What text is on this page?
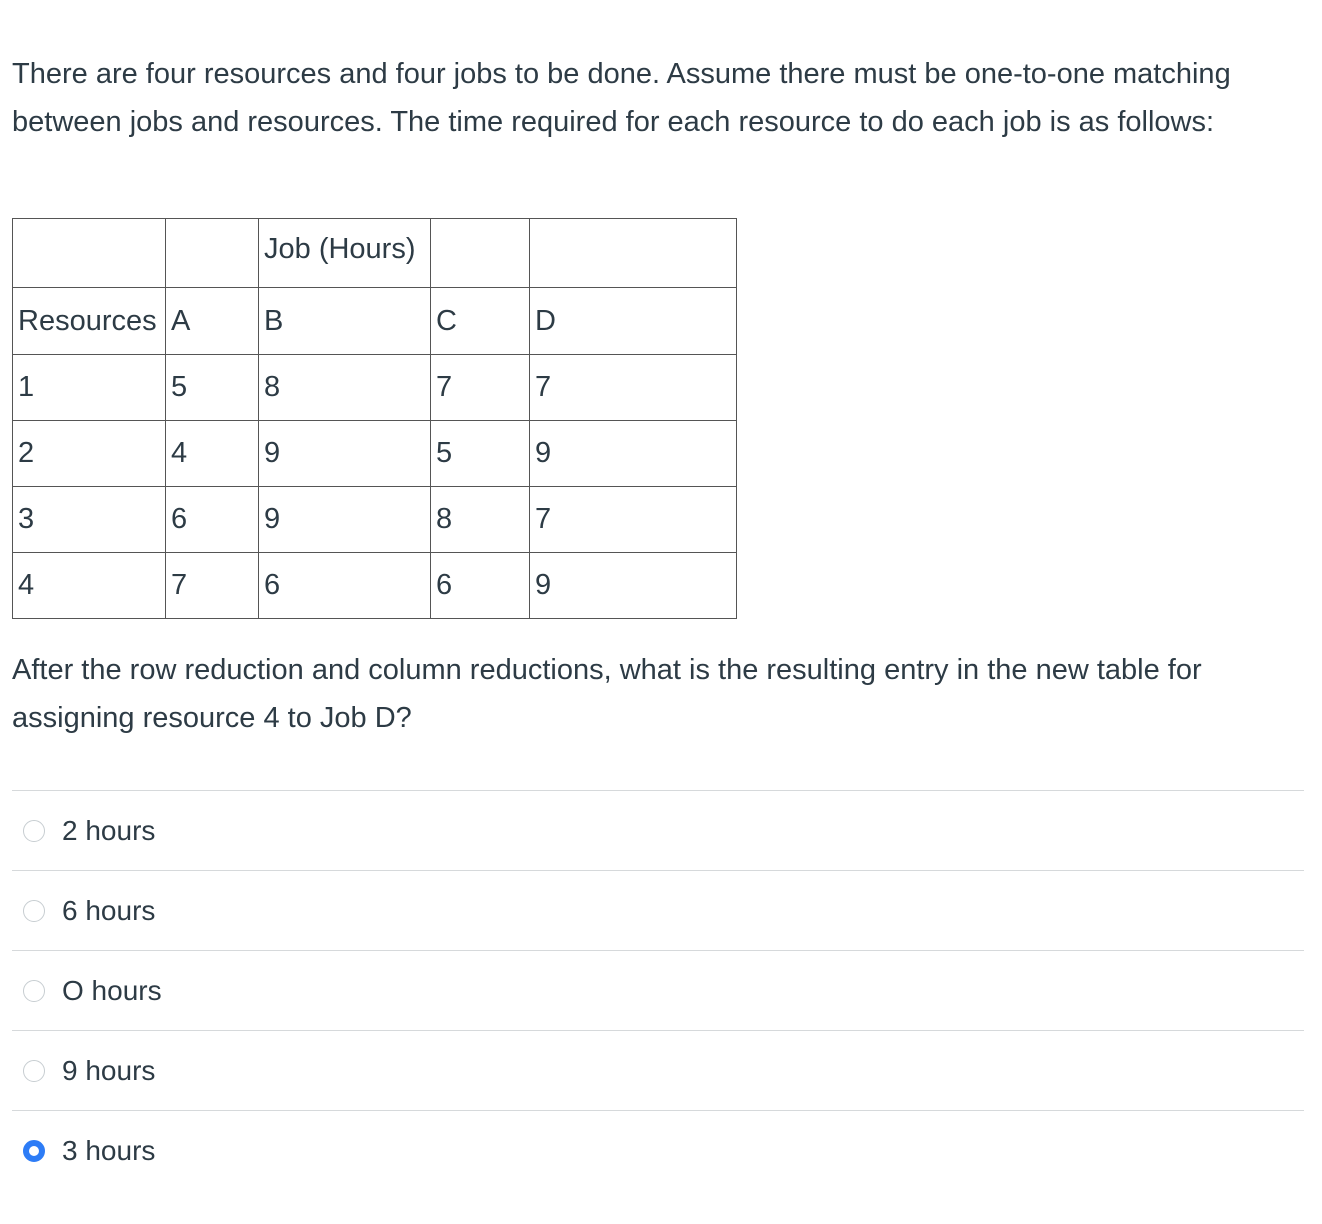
There are four resources and four jobs to be done. Assume there must be one-to-one matching between jobs and resources. The time required for each resource to do each job is as follows:

		Job (Hours)		
Resources	A	B	C	D
1	5	8	7	7
2	4	9	5	9
3	6	9	8	7
4	7	6	6	9

After the row reduction and column reductions, what is the resulting entry in the new table for assigning resource 4 to Job D?

2 hours
6 hours
O hours
9 hours
3 hours
